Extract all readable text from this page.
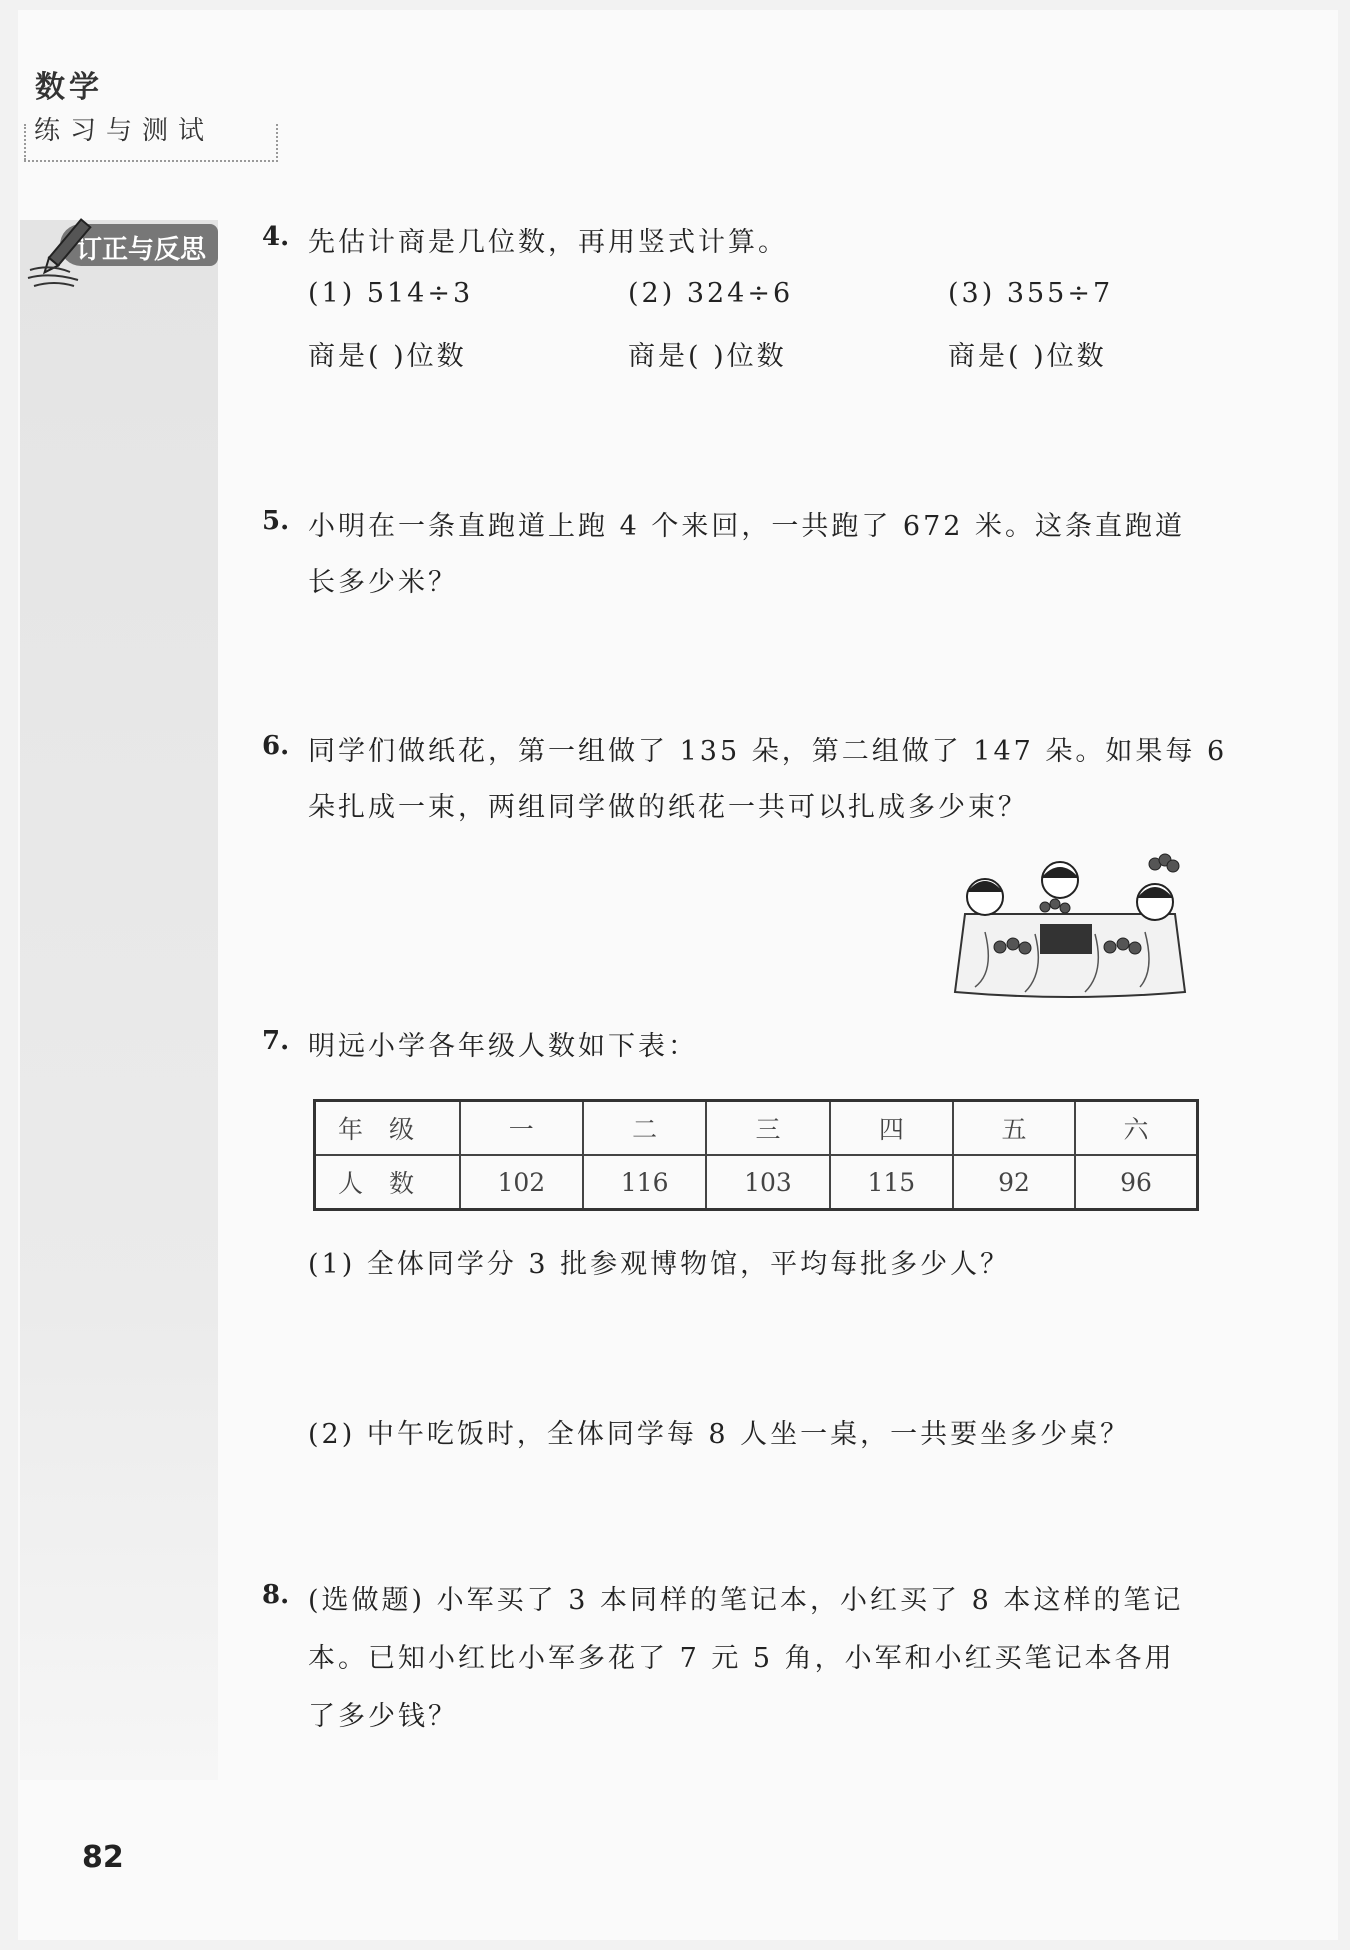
数学
练习与测试
订正与反思	4. 先估计商是几位数，再用竖式计算。
(1) 514÷3	(2) 324÷6	(3) 355÷7
商是( )位数	商是( )位数	商是( )位数
5. 小明在一条直跑道上跑 4 个来回，一共跑了 672 米。这条直跑道
长多少米？
6. 同学们做纸花，第一组做了 135 朵，第二组做了 147 朵。如果每 6
朵扎成一束，两组同学做的纸花一共可以扎成多少束？
7. 明远小学各年级人数如下表：
年级	一	二	三	四	五	六
人数	102	116	103	115	92	96
(1) 全体同学分 3 批参观博物馆，平均每批多少人？
(2) 中午吃饭时，全体同学每 8 人坐一桌，一共要坐多少桌？
8. (选做题) 小军买了 3 本同样的笔记本，小红买了 8 本这样的笔记
本。已知小红比小军多花了 7 元 5 角，小军和小红买笔记本各用
了多少钱？
82
